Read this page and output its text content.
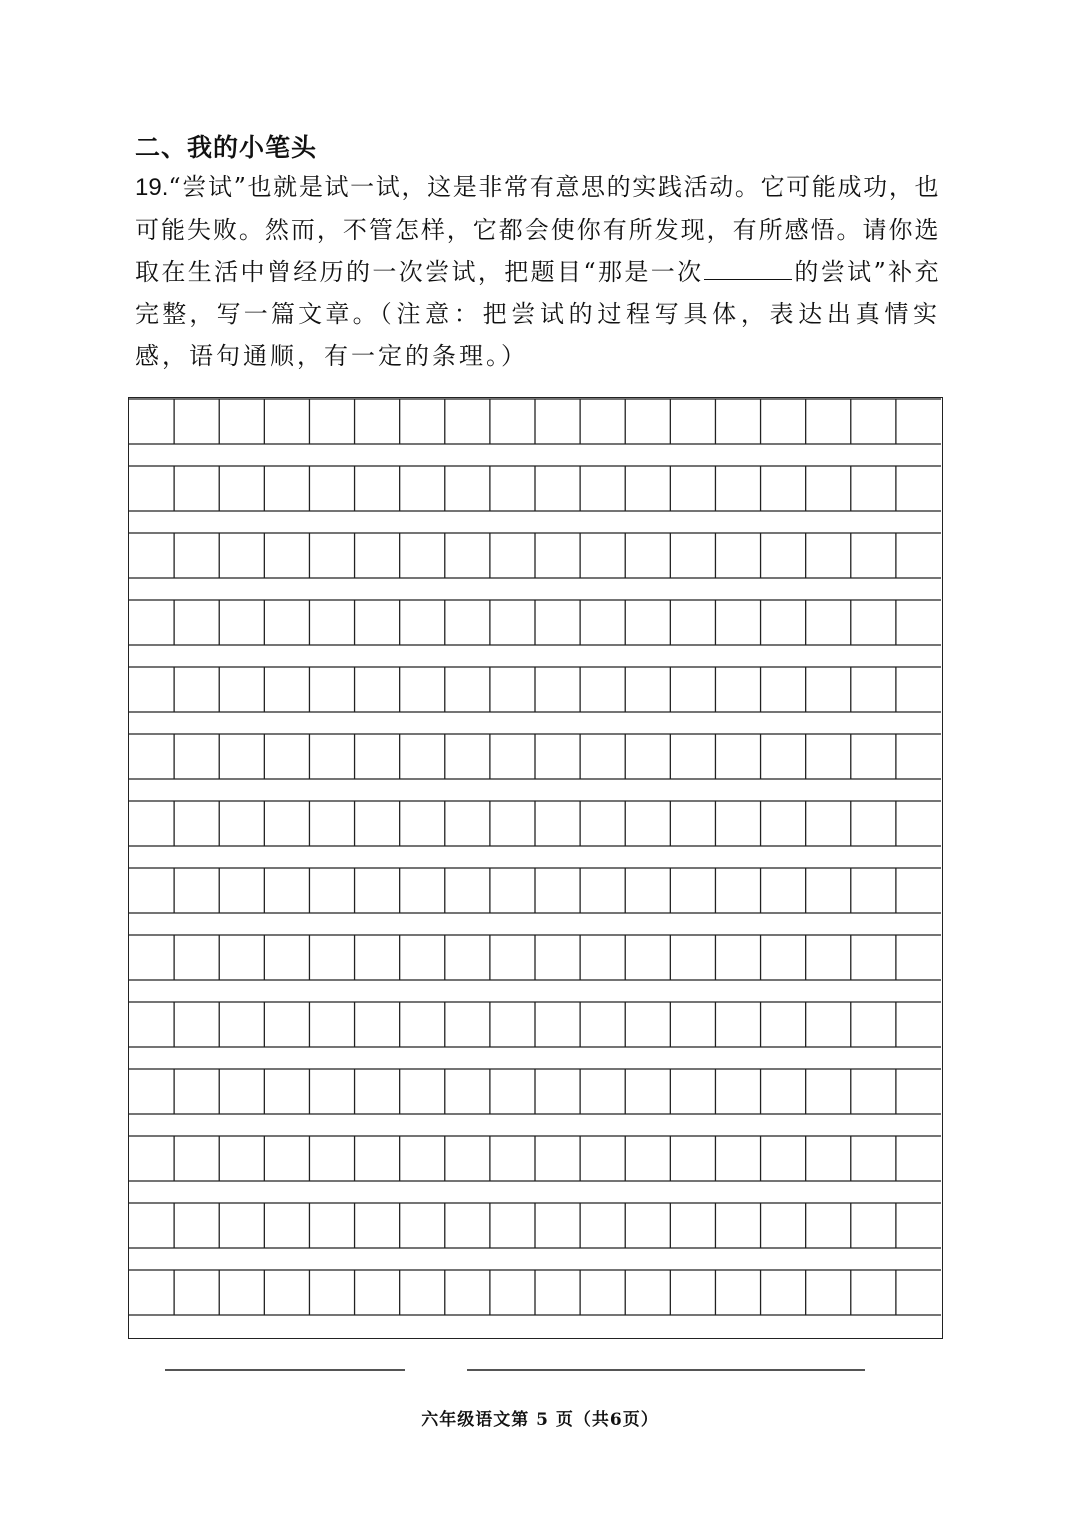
二、我的小笔头

19.“尝试”也就是试一试，这是非常有意思的实践活动。它可能成功，也可能失败。然而，不管怎样，它都会使你有所发现，有所感悟。请你选取在生活中曾经历的一次尝试，把题目“那是一次	的尝试”补充完整，写一篇文章。（注意：把尝试的过程写具体，表达出真情实感，语句通顺，有一定的条理。）

六年级语文第 5 页（共6页）
